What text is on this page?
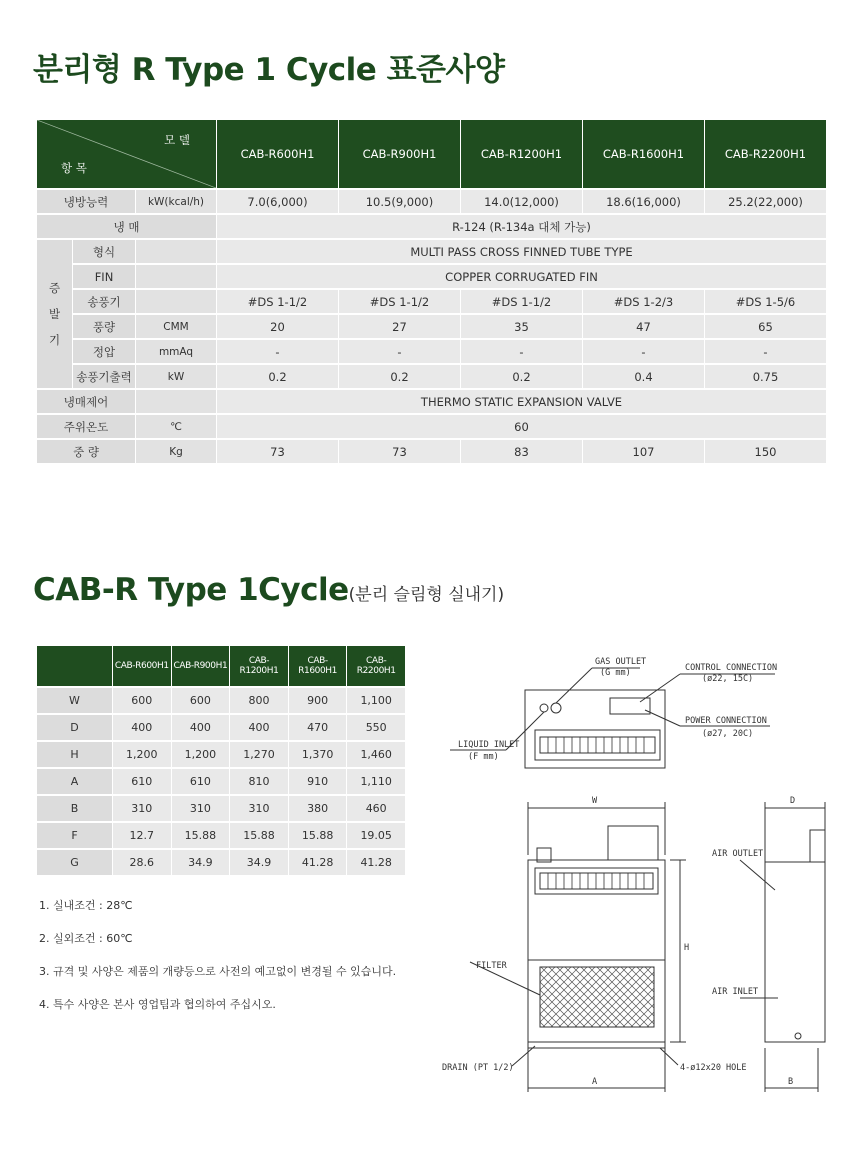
분리형 R Type 1 Cycle 표준사양
모 델
항 목			CAB-R600H1	CAB-R900H1	CAB-R1200H1	CAB-R1600H1	CAB-R2200H1
냉방능력		kW(kcal/h)	7.0(6,000)	10.5(9,000)	14.0(12,000)	18.6(16,000)	25.2(22,000)
냉 매			R-124 (R-134a 대체 가능)				
증발기	형식		MULTI PASS CROSS FINNED TUBE TYPE				
	FIN		COPPER CORRUGATED FIN				
	송풍기		#DS 1-1/2	#DS 1-1/2	#DS 1-1/2	#DS 1-2/3	#DS 1-5/6
	풍량	CMM	20	27	35	47	65
	정압	mmAq	-	-	-	-	-
	송풍기출력	kW	0.2	0.2	0.2	0.4	0.75
냉매제어			THERMO STATIC EXPANSION VALVE				
주위온도		℃	60				
중 량		Kg	73	73	83	107	150
CAB-R Type 1Cycle(분리 슬림형 실내기)
	CAB-R600H1	CAB-R900H1	CAB-R1200H1	CAB-R1600H1	CAB-R2200H1
W	600	600	800	900	1,100
D	400	400	400	470	550
H	1,200	1,200	1,270	1,370	1,460
A	610	610	810	910	1,110
B	310	310	310	380	460
F	12.7	15.88	15.88	15.88	19.05
G	28.6	34.9	34.9	41.28	41.28
1. 실내조건 : 28℃
2. 실외조건 : 60℃
3. 규격 및 사양은 제품의 개량등으로 사전의 예고없이 변경될 수 있습니다.
4. 특수 사양은 본사 영업팀과 협의하여 주십시오.
GAS OUTLET
(G mm)	CONTROL CONNECTION
(ø22, 15C)
POWER CONNECTION
(ø27, 20C)
LIQUID INLET
(F mm)
W
H
A
FILTER
DRAIN (PT 1/2)	4-ø12x20 HOLE
D
B
AIR OUTLET
AIR INLET
